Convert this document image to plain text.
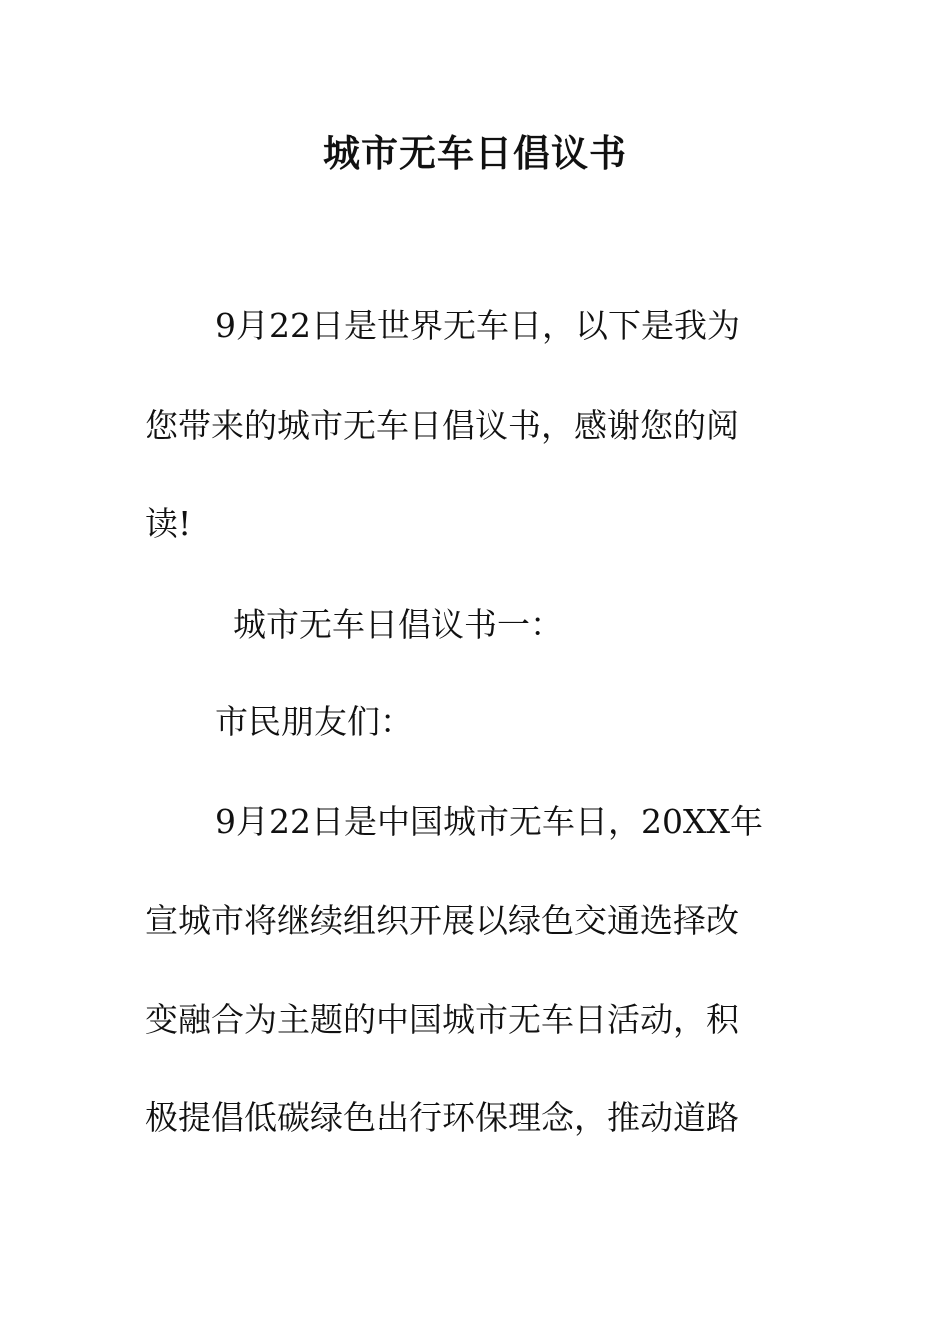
城市无车日倡议书
9月22日是世界无车日，以下是我为
您带来的城市无车日倡议书，感谢您的阅
读!
城市无车日倡议书一：
市民朋友们：
9月22日是中国城市无车日，20XX年
宣城市将继续组织开展以绿色交通选择改
变融合为主题的中国城市无车日活动，积
极提倡低碳绿色出行环保理念，推动道路
